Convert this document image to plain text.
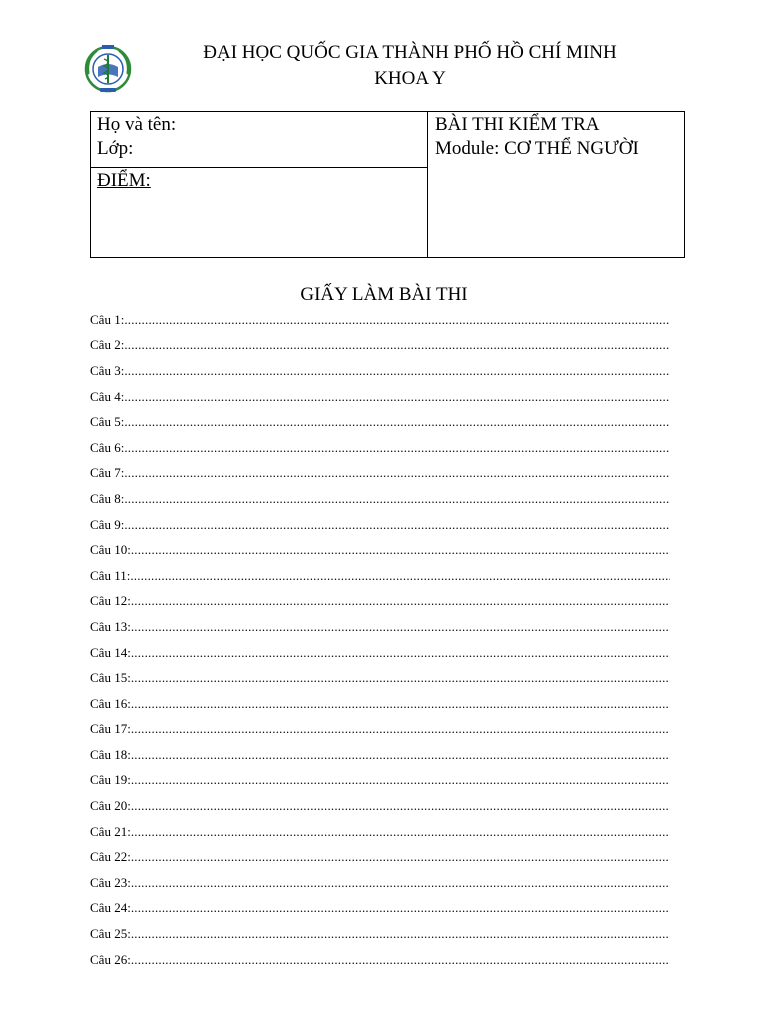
ĐẠI HỌC QUỐC GIA THÀNH PHỐ HỒ CHÍ MINH
KHOA Y
Họ và tên:
Lớp:
ĐIỂM:
BÀI THI KIỂM TRA
Module: CƠ THỂ NGƯỜI
GIẤY LÀM BÀI THI
Câu 1:
.....
Câu 2:
.....
Câu 3:
.....
Câu 4:
.....
Câu 5:
.....
Câu 6:
.....
Câu 7:
.....
Câu 8:
.....
Câu 9:
.....
Câu 10:
.....
Câu 11:
.....
Câu 12:
.....
Câu 13:
.....
Câu 14:
.....
Câu 15:
.....
Câu 16:
.....
Câu 17:
.....
Câu 18:
.....
Câu 19:
.....
Câu 20:
.....
Câu 21:
.....
Câu 22:
.....
Câu 23:
.....
Câu 24:
.....
Câu 25:
.....
Câu 26:
.....
